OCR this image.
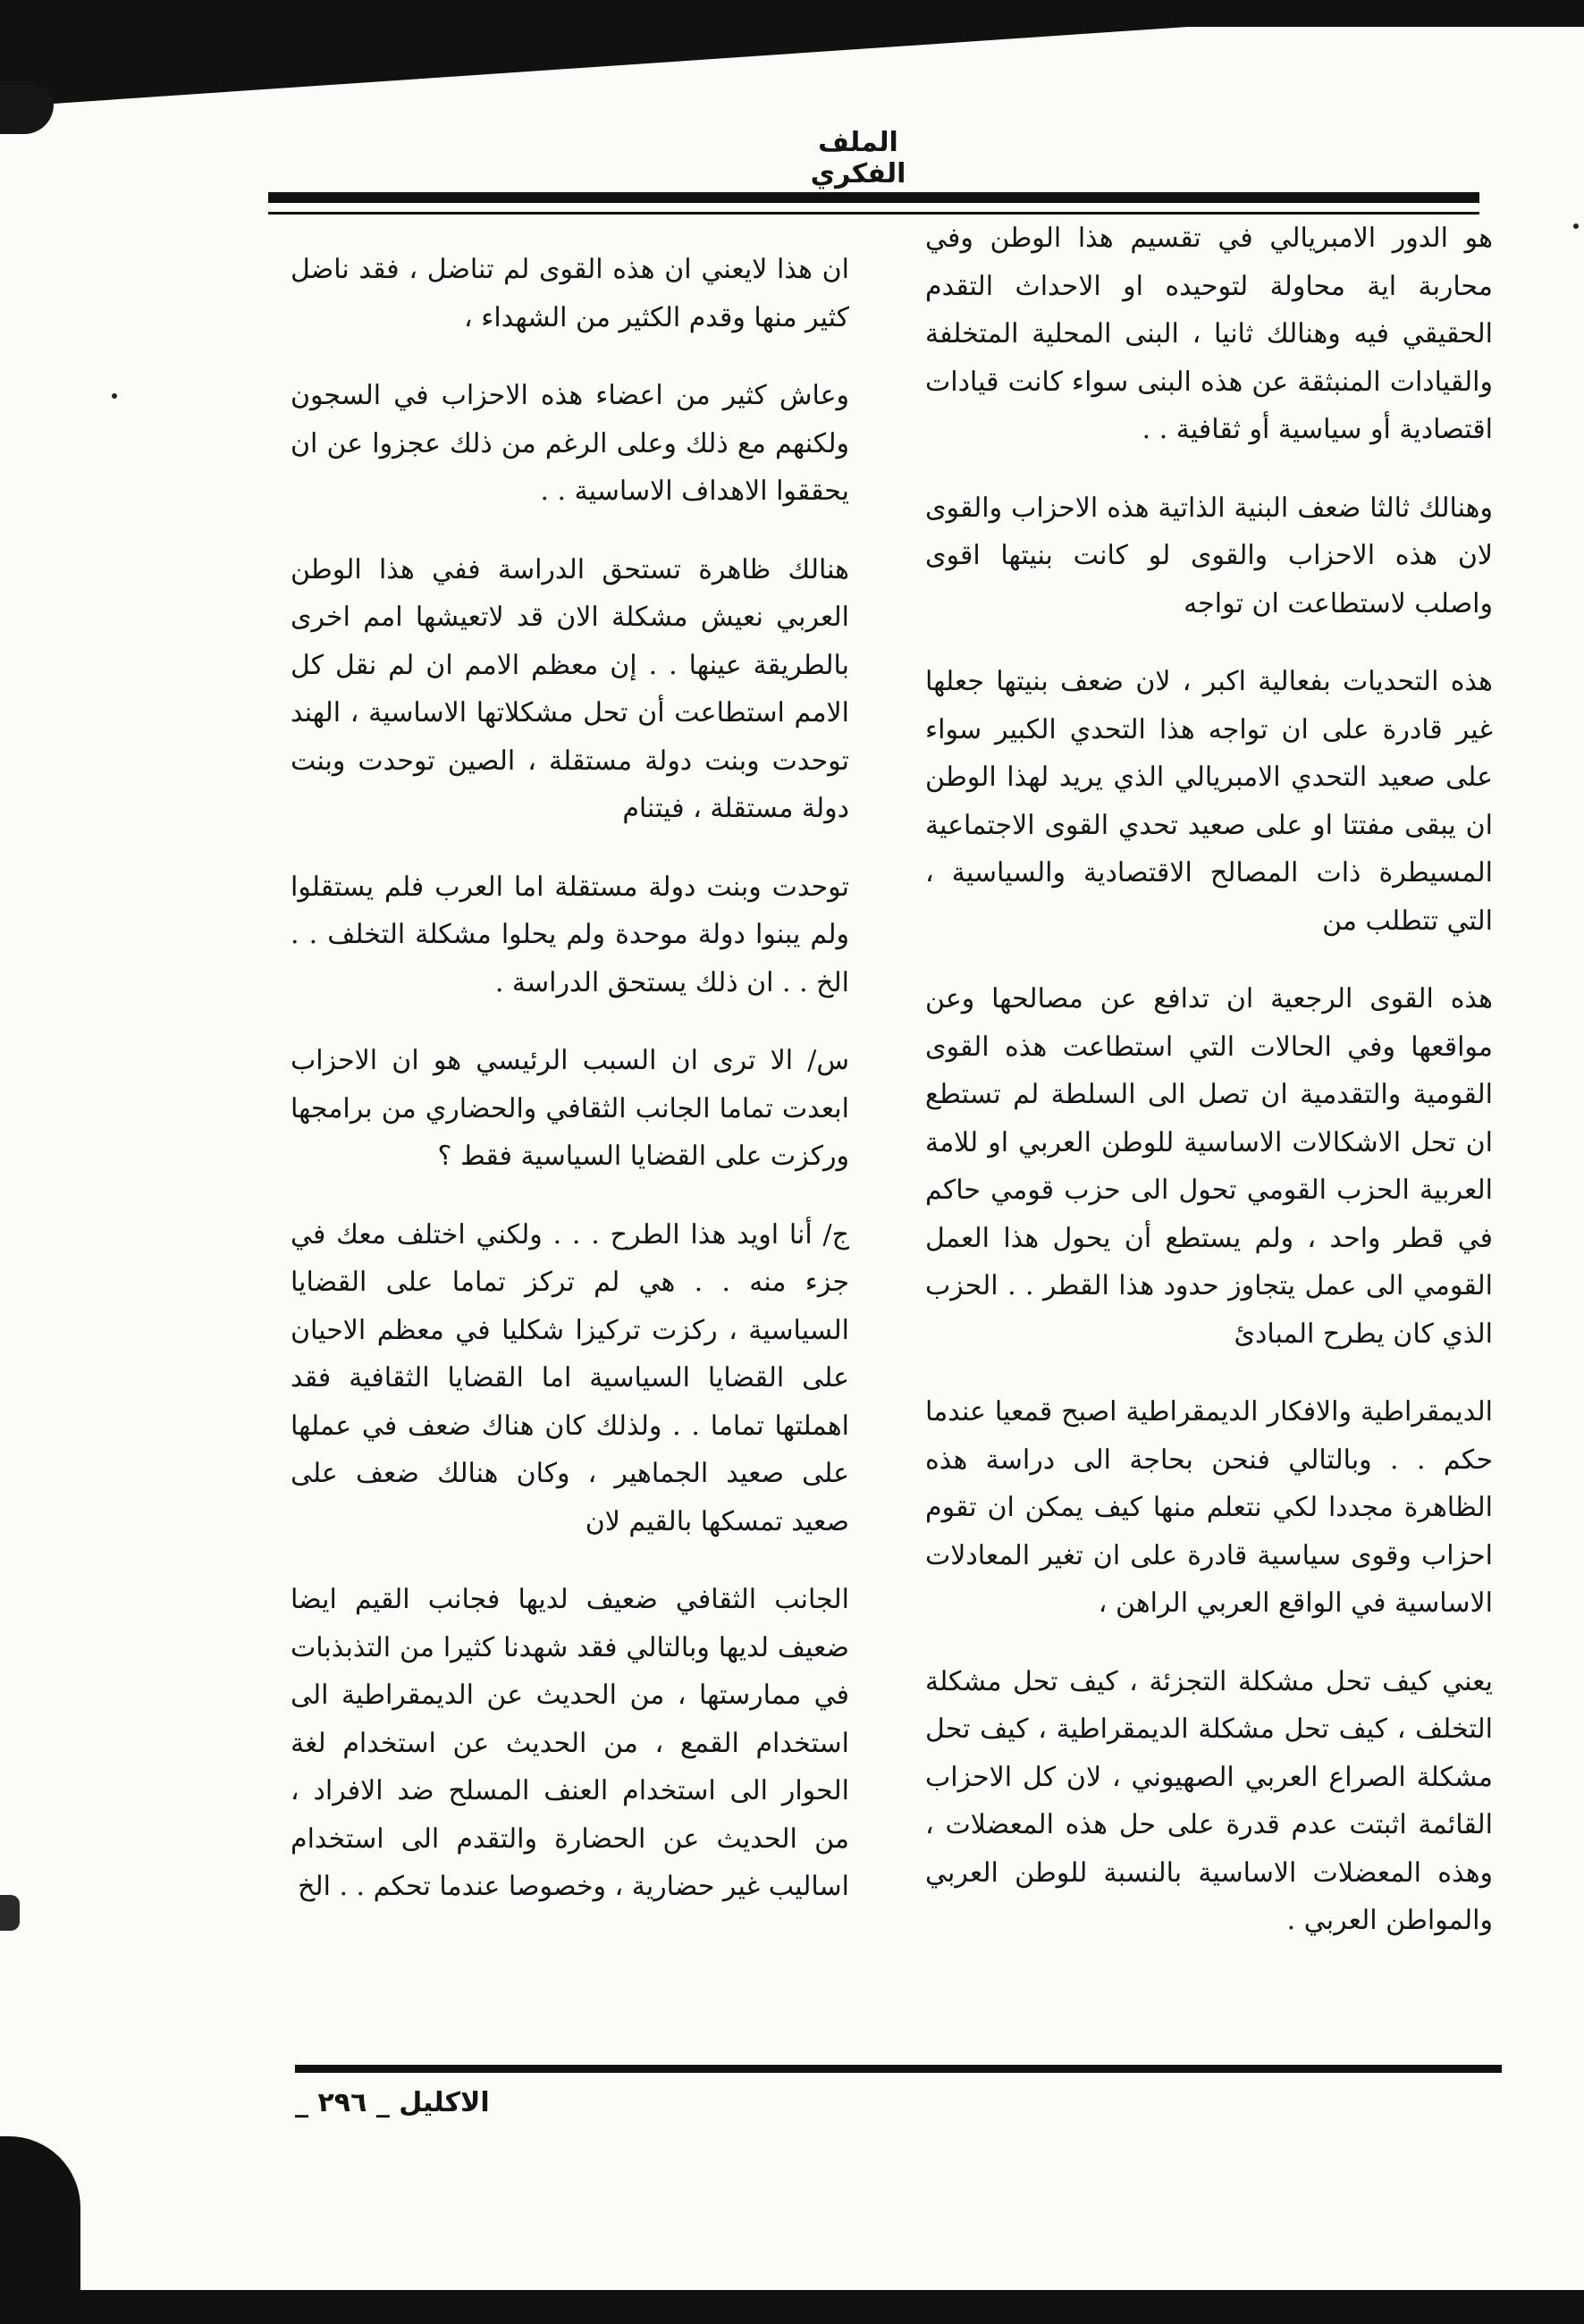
الملف الفكري

هو الدور الامبريالي في تقسيم هذا الوطن وفي محاربة اية محاولة لتوحيده او الاحداث التقدم الحقيقي فيه وهنالك ثانيا ، البنى المحلية المتخلفة والقيادات المنبثقة عن هذه البنى سواء كانت قيادات اقتصادية أو سياسية أو ثقافية . .

وهنالك ثالثا ضعف البنية الذاتية هذه الاحزاب والقوى لان هذه الاحزاب والقوى لو كانت بنيتها اقوى واصلب لاستطاعت ان تواجه

هذه التحديات بفعالية اكبر ، لان ضعف بنيتها جعلها غير قادرة على ان تواجه هذا التحدي الكبير سواء على صعيد التحدي الامبريالي الذي يريد لهذا الوطن ان يبقى مفتتا او على صعيد تحدي القوى الاجتماعية المسيطرة ذات المصالح الاقتصادية والسياسية ، التي تتطلب من

هذه القوى الرجعية ان تدافع عن مصالحها وعن مواقعها وفي الحالات التي استطاعت هذه القوى القومية والتقدمية ان تصل الى السلطة لم تستطع ان تحل الاشكالات الاساسية للوطن العربي او للامة العربية الحزب القومي تحول الى حزب قومي حاكم في قطر واحد ، ولم يستطع أن يحول هذا العمل القومي الى عمل يتجاوز حدود هذا القطر . . الحزب الذي كان يطرح المبادئ

الديمقراطية والافكار الديمقراطية اصبح قمعيا عندما حكم . . وبالتالي فنحن بحاجة الى دراسة هذه الظاهرة مجددا لكي نتعلم منها كيف يمكن ان تقوم احزاب وقوى سياسية قادرة على ان تغير المعادلات الاساسية في الواقع العربي الراهن ،

يعني كيف تحل مشكلة التجزئة ، كيف تحل مشكلة التخلف ، كيف تحل مشكلة الديمقراطية ، كيف تحل مشكلة الصراع العربي الصهيوني ، لان كل الاحزاب القائمة اثبتت عدم قدرة على حل هذه المعضلات ، وهذه المعضلات الاساسية بالنسبة للوطن العربي والمواطن العربي .

ان هذا لايعني ان هذه القوى لم تناضل ، فقد ناضل كثير منها وقدم الكثير من الشهداء ،

وعاش كثير من اعضاء هذه الاحزاب في السجون ولكنهم مع ذلك وعلى الرغم من ذلك عجزوا عن ان يحققوا الاهداف الاساسية . .

هنالك ظاهرة تستحق الدراسة ففي هذا الوطن العربي نعيش مشكلة الان قد لاتعيشها امم اخرى بالطريقة عينها . . إن معظم الامم ان لم نقل كل الامم استطاعت أن تحل مشكلاتها الاساسية ، الهند توحدت وبنت دولة مستقلة ، الصين توحدت وبنت دولة مستقلة ، فيتنام

توحدت وبنت دولة مستقلة اما العرب فلم يستقلوا ولم يبنوا دولة موحدة ولم يحلوا مشكلة التخلف . . الخ . . ان ذلك يستحق الدراسة .

س/ الا ترى ان السبب الرئيسي هو ان الاحزاب ابعدت تماما الجانب الثقافي والحضاري من برامجها وركزت على القضايا السياسية فقط ؟

ج/ أنا اويد هذا الطرح . . . ولكني اختلف معك في جزء منه . . هي لم تركز تماما على القضايا السياسية ، ركزت تركيزا شكليا في معظم الاحيان على القضايا السياسية اما القضايا الثقافية فقد اهملتها تماما . . ولذلك كان هناك ضعف في عملها على صعيد الجماهير ، وكان هنالك ضعف على صعيد تمسكها بالقيم لان

الجانب الثقافي ضعيف لديها فجانب القيم ايضا ضعيف لديها وبالتالي فقد شهدنا كثيرا من التذبذبات في ممارستها ، من الحديث عن الديمقراطية الى استخدام القمع ، من الحديث عن استخدام لغة الحوار الى استخدام العنف المسلح ضد الافراد ، من الحديث عن الحضارة والتقدم الى استخدام اساليب غير حضارية ، وخصوصا عندما تحكم . . الخ

الاكليل _ ٢٩٦ _
